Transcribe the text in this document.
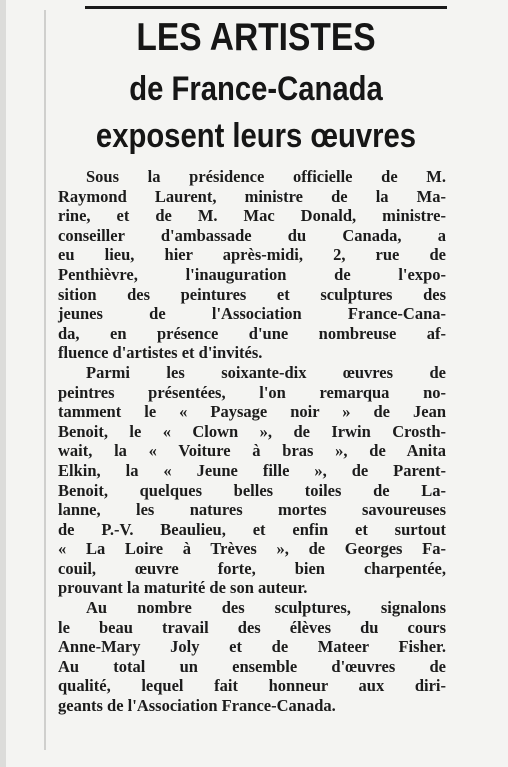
LES ARTISTES
de France-Canada
exposent leurs œuvres
Sous la présidence officielle de M.
Raymond Laurent, ministre de la Ma-
rine, et de M. Mac Donald, ministre-
conseiller d'ambassade du Canada, a
eu lieu, hier après-midi, 2, rue de
Penthièvre, l'inauguration de l'expo-
sition des peintures et sculptures des
jeunes de l'Association France-Cana-
da, en présence d'une nombreuse af-
fluence d'artistes et d'invités.
Parmi les soixante-dix œuvres de
peintres présentées, l'on remarqua no-
tamment le « Paysage noir » de Jean
Benoit, le « Clown », de Irwin Crosth-
wait, la « Voiture à bras », de Anita
Elkin, la « Jeune fille », de Parent-
Benoit, quelques belles toiles de La-
lanne, les natures mortes savoureuses
de P.-V. Beaulieu, et enfin et surtout
« La Loire à Trèves », de Georges Fa-
couil, œuvre forte, bien charpentée,
prouvant la maturité de son auteur.
Au nombre des sculptures, signalons
le beau travail des élèves du cours
Anne-Mary Joly et de Mateer Fisher.
Au total un ensemble d'œuvres de
qualité, lequel fait honneur aux diri-
geants de l'Association France-Canada.
